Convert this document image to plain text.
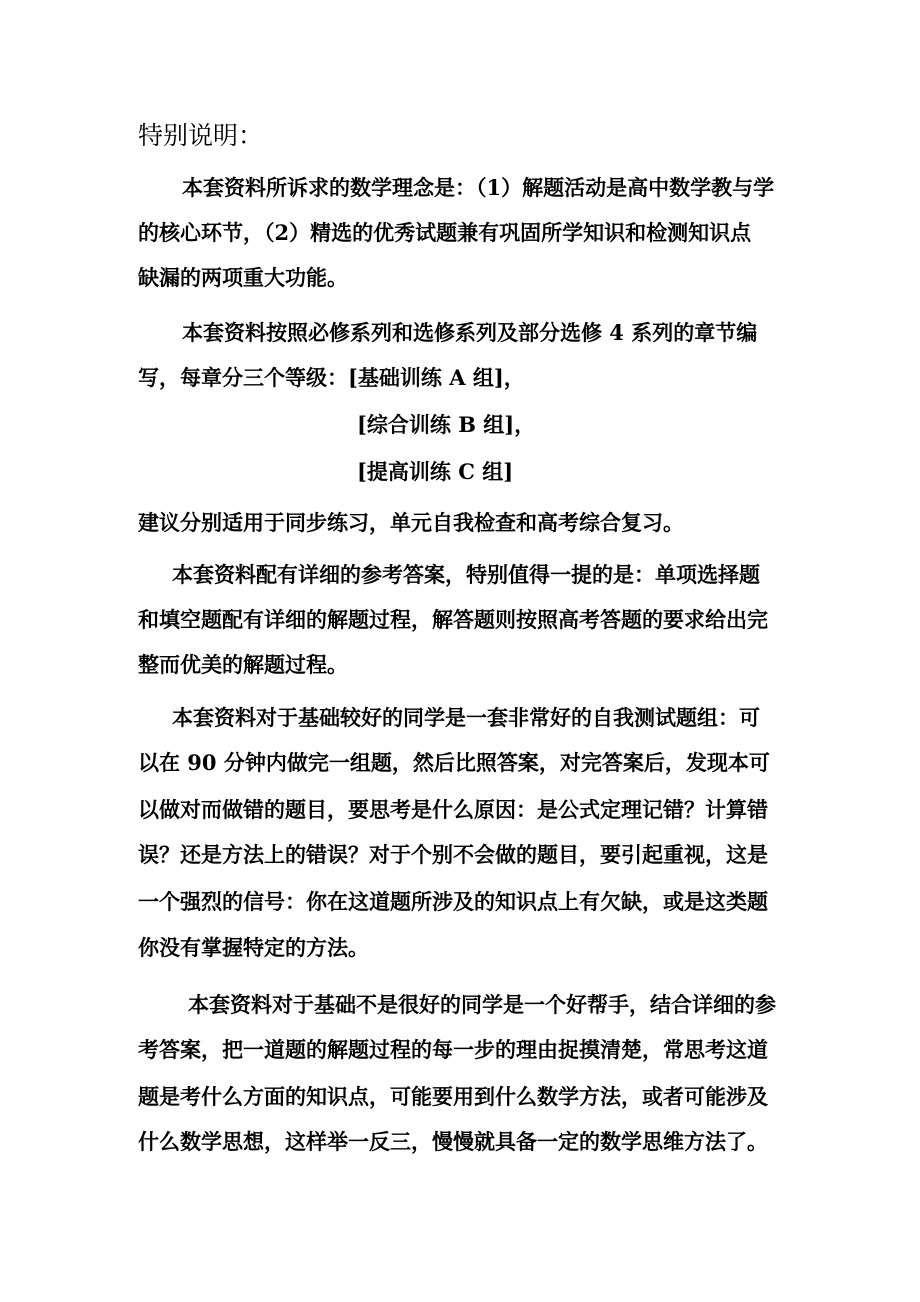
特别说明：
本套资料所诉求的数学理念是：（1）解题活动是高中数学教与学
的核心环节，（2）精选的优秀试题兼有巩固所学知识和检测知识点
缺漏的两项重大功能。
本套资料按照必修系列和选修系列及部分选修 4 系列的章节编
写，每章分三个等级：[基础训练 A 组]，
[综合训练 B 组]，
[提高训练 C 组]
建议分别适用于同步练习，单元自我检查和高考综合复习。
本套资料配有详细的参考答案，特别值得一提的是：单项选择题
和填空题配有详细的解题过程，解答题则按照高考答题的要求给出完
整而优美的解题过程。
本套资料对于基础较好的同学是一套非常好的自我测试题组：可
以在 90 分钟内做完一组题，然后比照答案，对完答案后，发现本可
以做对而做错的题目，要思考是什么原因：是公式定理记错？计算错
误？还是方法上的错误？对于个别不会做的题目，要引起重视，这是
一个强烈的信号：你在这道题所涉及的知识点上有欠缺，或是这类题
你没有掌握特定的方法。
本套资料对于基础不是很好的同学是一个好帮手，结合详细的参
考答案，把一道题的解题过程的每一步的理由捉摸清楚，常思考这道
题是考什么方面的知识点，可能要用到什么数学方法，或者可能涉及
什么数学思想，这样举一反三，慢慢就具备一定的数学思维方法了。
